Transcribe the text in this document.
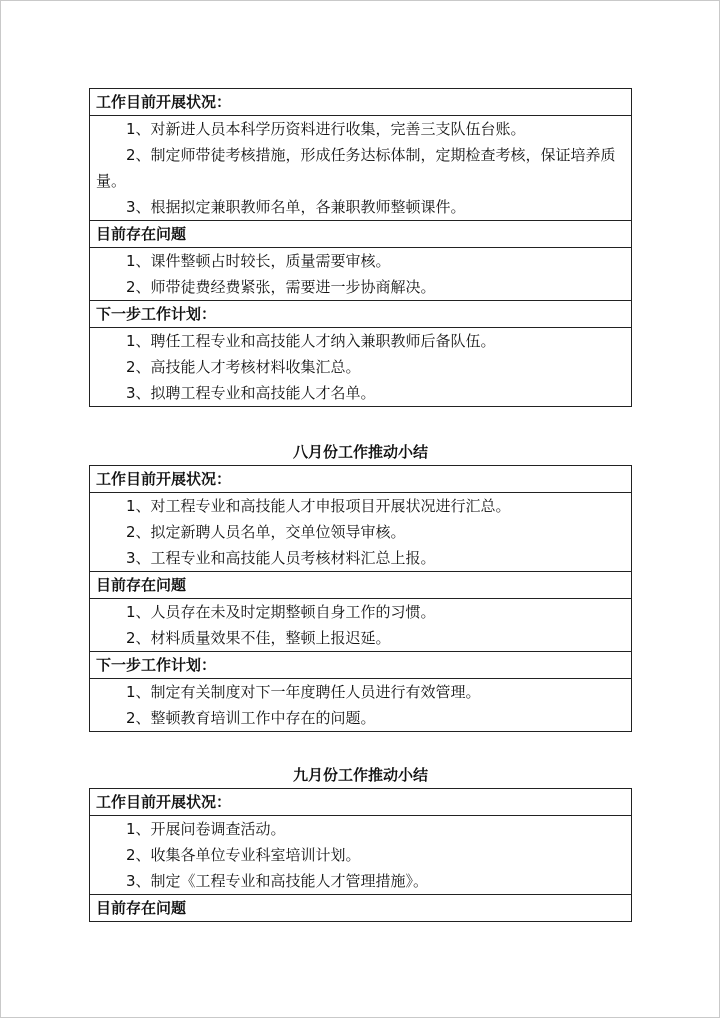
工作目前开展状况：

1、对新进人员本科学历资料进行收集，完善三支队伍台账。
2、制定师带徒考核措施，形成任务达标体制，定期检查考核，保证培养质量。
3、根据拟定兼职教师名单，各兼职教师整顿课件。

目前存在问题

1、课件整顿占时较长，质量需要审核。
2、师带徒费经费紧张，需要进一步协商解决。

下一步工作计划：

1、聘任工程专业和高技能人才纳入兼职教师后备队伍。
2、高技能人才考核材料收集汇总。
3、拟聘工程专业和高技能人才名单。
八月份工作推动小结
工作目前开展状况：

1、对工程专业和高技能人才申报项目开展状况进行汇总。
2、拟定新聘人员名单，交单位领导审核。
3、工程专业和高技能人员考核材料汇总上报。

目前存在问题

1、人员存在未及时定期整顿自身工作的习惯。
2、材料质量效果不佳，整顿上报迟延。

下一步工作计划：

1、制定有关制度对下一年度聘任人员进行有效管理。
2、整顿教育培训工作中存在的问题。
九月份工作推动小结
工作目前开展状况：

1、开展问卷调查活动。
2、收集各单位专业科室培训计划。
3、制定《工程专业和高技能人才管理措施》。

目前存在问题
